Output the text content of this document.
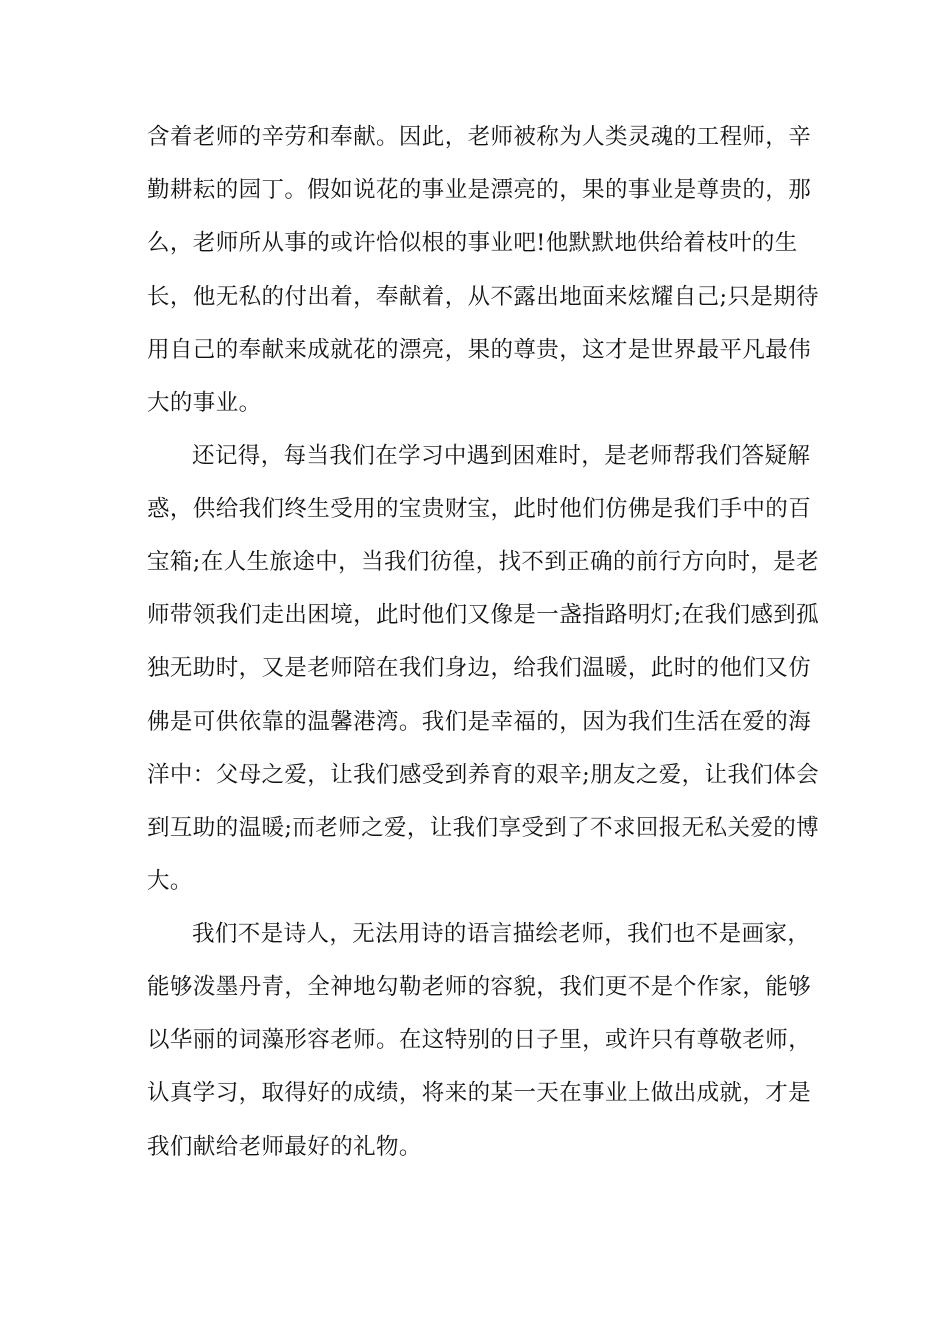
含着老师的辛劳和奉献。因此，老师被称为人类灵魂的工程师，辛
勤耕耘的园丁。假如说花的事业是漂亮的，果的事业是尊贵的，那
么，老师所从事的或许恰似根的事业吧!他默默地供给着枝叶的生
长，他无私的付出着，奉献着，从不露出地面来炫耀自己;只是期待
用自己的奉献来成就花的漂亮，果的尊贵，这才是世界最平凡最伟
大的事业。
还记得，每当我们在学习中遇到困难时，是老师帮我们答疑解
惑，供给我们终生受用的宝贵财宝，此时他们仿佛是我们手中的百
宝箱;在人生旅途中，当我们彷徨，找不到正确的前行方向时，是老
师带领我们走出困境，此时他们又像是一盏指路明灯;在我们感到孤
独无助时，又是老师陪在我们身边，给我们温暖，此时的他们又仿
佛是可供依靠的温馨港湾。我们是幸福的，因为我们生活在爱的海
洋中：父母之爱，让我们感受到养育的艰辛;朋友之爱，让我们体会
到互助的温暖;而老师之爱，让我们享受到了不求回报无私关爱的博
大。
我们不是诗人，无法用诗的语言描绘老师，我们也不是画家，
能够泼墨丹青，全神地勾勒老师的容貌，我们更不是个作家，能够
以华丽的词藻形容老师。在这特别的日子里，或许只有尊敬老师，
认真学习，取得好的成绩，将来的某一天在事业上做出成就，才是
我们献给老师最好的礼物。
